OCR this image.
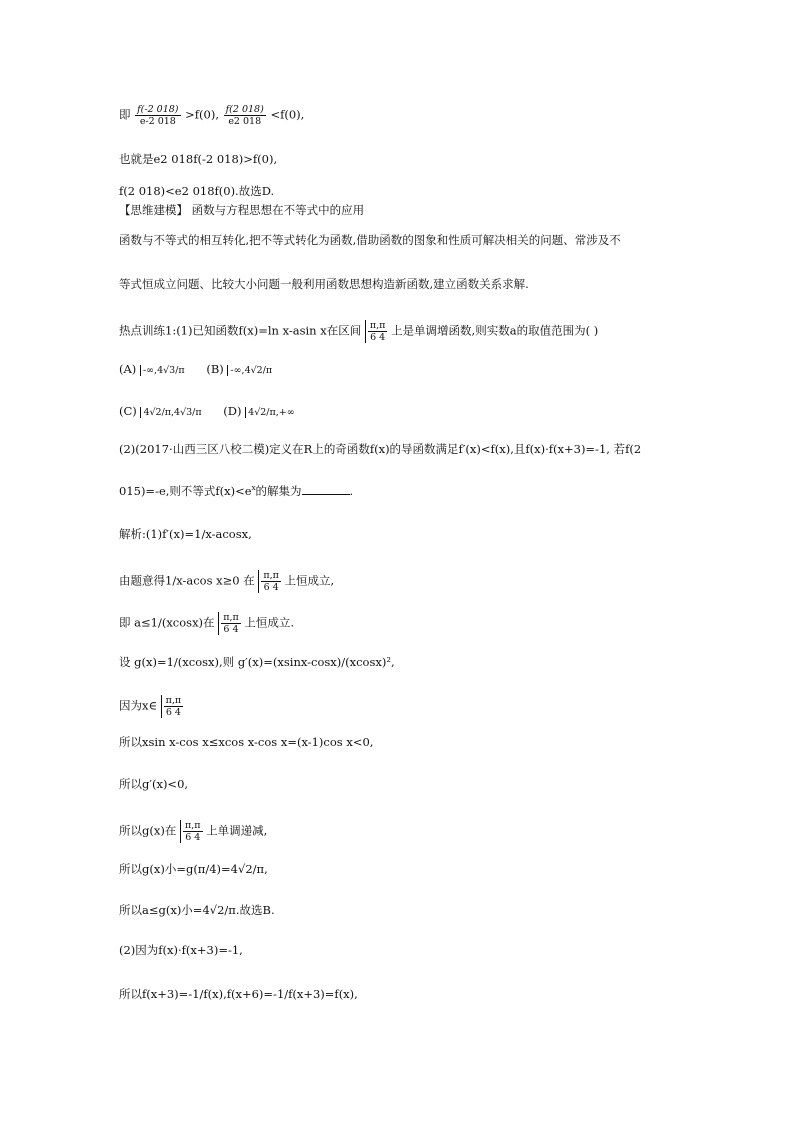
即 $\frac{f(-2 018)}{e-2 018} >f(0)$, $\frac{f(2 018)}{e2 018} <f(0)$,
也就是e2 018f(-2 018)>f(0),
f(2 018)<e2 018f(0).故选D.
【思维建模】 函数与方程思想在不等式中的应用
函数与不等式的相互转化,把不等式转化为函数,借助函数的图象和性质可解决相关的问题、常涉及不
等式恒成立问题、比较大小问题一般利用函数思想构造新函数,建立函数关系求解.
热点训练1:(1)已知函数f(x)=ln x-asin x在区间 $\frac{\pi,\pi}{6 4}$ 上是单调增函数,则实数a的取值范围为( )
(A) -∞,4√3/π (B) -∞,4√2/π
(C) 4√2/π,4√3/π (D) 4√2/π,+∞
(2)(2017·山西三区八校二模)定义在R上的奇函数f(x)的导函数满足f′(x)<f(x),且f(x)·f(x+3)=-1, 若f(2
015)=-e,则不等式$f(x)<e^x$的解集为	.
解析:(1)f′(x)=1/x-acosx,
由题意得1/x-acos x≥0 在 $\frac{\pi,\pi}{6 4}$ 上恒成立,
即 a≤1/(xcosx)在 $\frac{\pi,\pi}{6 4}$ 上恒成立.
设 g(x)=1/(xcosx),则 g′(x)=(xsinx-cosx)/(xcosx)²,
因为x∈ $\frac{\pi,\pi}{6 4}$
所以xsin x-cos x≤xcos x-cos x=(x-1)cos x<0,
所以g′(x)<0,
所以g(x)在 $\frac{\pi,\pi}{6 4}$ 上单调递减,
所以g(x)小=g(π/4)=4√2/π,
所以a≤g(x)小=4√2/π.故选B.
(2)因为f(x)·f(x+3)=-1,
所以f(x+3)=-1/f(x),f(x+6)=-1/f(x+3)=f(x),
